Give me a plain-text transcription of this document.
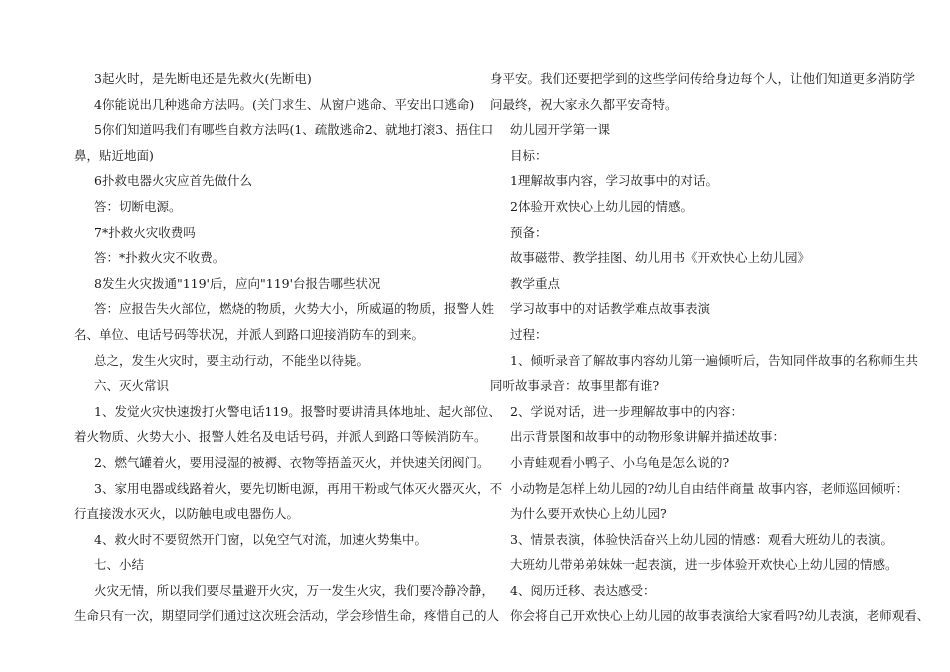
3起火时，是先断电还是先救火(先断电)

4你能说出几种逃命方法吗。(关门求生、从窗户逃命、平安出口逃命)

5你们知道吗我们有哪些自救方法吗(1、疏散逃命2、就地打滚3、捂住口

鼻，贴近地面)

6扑救电器火灾应首先做什么

答：切断电源。

7*扑救火灾收费吗

答：*扑救火灾不收费。

8发生火灾拨通"119'后，应向"119'台报告哪些状况

答：应报告失火部位，燃烧的物质，火势大小，所威逼的物质，报警人姓

名、单位、电话号码等状况，并派人到路口迎接消防车的到来。

总之，发生火灾时，要主动行动，不能坐以待毙。

六、灭火常识

1、发觉火灾快速拨打火警电话119。报警时要讲清具体地址、起火部位、

着火物质、火势大小、报警人姓名及电话号码，并派人到路口等候消防车。

2、燃气罐着火，要用浸湿的被褥、衣物等捂盖灭火，并快速关闭阀门。

3、家用电器或线路着火，要先切断电源，再用干粉或气体灭火器灭火，不

行直接泼水灭火，以防触电或电器伤人。

4、救火时不要贸然开门窗，以免空气对流，加速火势集中。

七、小结

火灾无情，所以我们要尽量避开火灾，万一发生火灾，我们要冷静冷静，

生命只有一次，期望同学们通过这次班会活动，学会珍惜生命，疼惜自己的人

身平安。我们还要把学到的这些学问传给身边每个人，让他们知道更多消防学

问最终，祝大家永久都平安奇特。

幼儿园开学第一课

目标：

1理解故事内容，学习故事中的对话。

2体验开欢快心上幼儿园的情感。

预备：

故事磁带、教学挂图、幼儿用书《开欢快心上幼儿园》

教学重点

学习故事中的对话教学难点故事表演

过程：

1、倾听录音了解故事内容幼儿第一遍倾听后，告知同伴故事的名称师生共

同听故事录音：故事里都有谁?

2、学说对话，进一步理解故事中的内容：

出示背景图和故事中的动物形象讲解并描述故事：

小青蛙观看小鸭子、小乌龟是怎么说的?

小动物是怎样上幼儿园的?幼儿自由结伴商量 故事内容，老师巡回倾听：

为什么要开欢快心上幼儿园?

3、情景表演，体验快活奋兴上幼儿园的情感：观看大班幼儿的表演。

大班幼儿带弟弟妹妹一起表演，进一步体验开欢快心上幼儿园的情感。

4、阅历迁移、表达感受：

你会将自己开欢快心上幼儿园的故事表演给大家看吗?幼儿表演，老师观看、
